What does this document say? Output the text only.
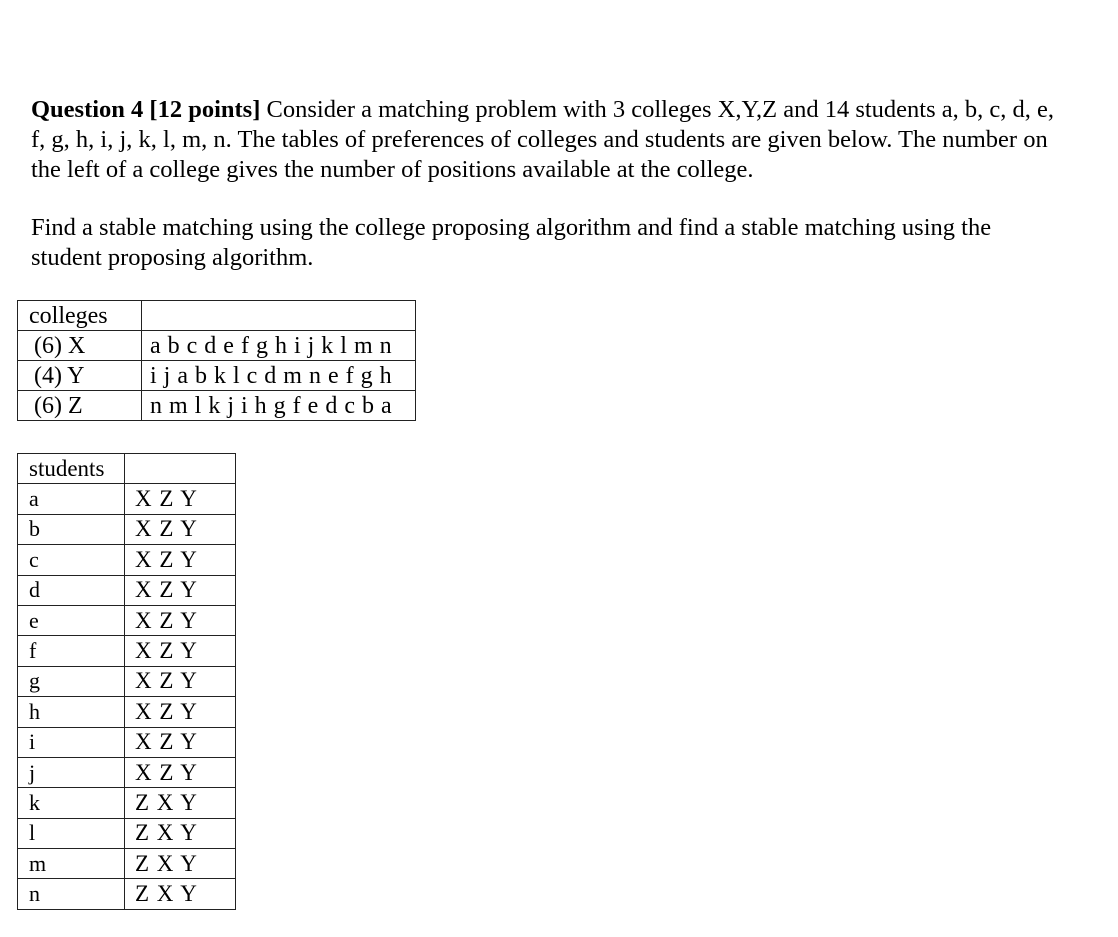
Question 4 [12 points] Consider a matching problem with 3 colleges X,Y,Z and 14 students a, b, c, d, e, f, g, h, i, j, k, l, m, n. The tables of preferences of colleges and students are given below. The number on the left of a college gives the number of positions available at the college.

Find a stable matching using the college proposing algorithm and find a stable matching using the student proposing algorithm.

colleges	
(6) X	a b c d e f g h i j k l m n
(4) Y	i j a b k l c d m n e f g h
(6) Z	n m l k j i h g f e d c b a
students	
a	X Z Y
b	X Z Y
c	X Z Y
d	X Z Y
e	X Z Y
f	X Z Y
g	X Z Y
h	X Z Y
i	X Z Y
j	X Z Y
k	Z X Y
l	Z X Y
m	Z X Y
n	Z X Y
